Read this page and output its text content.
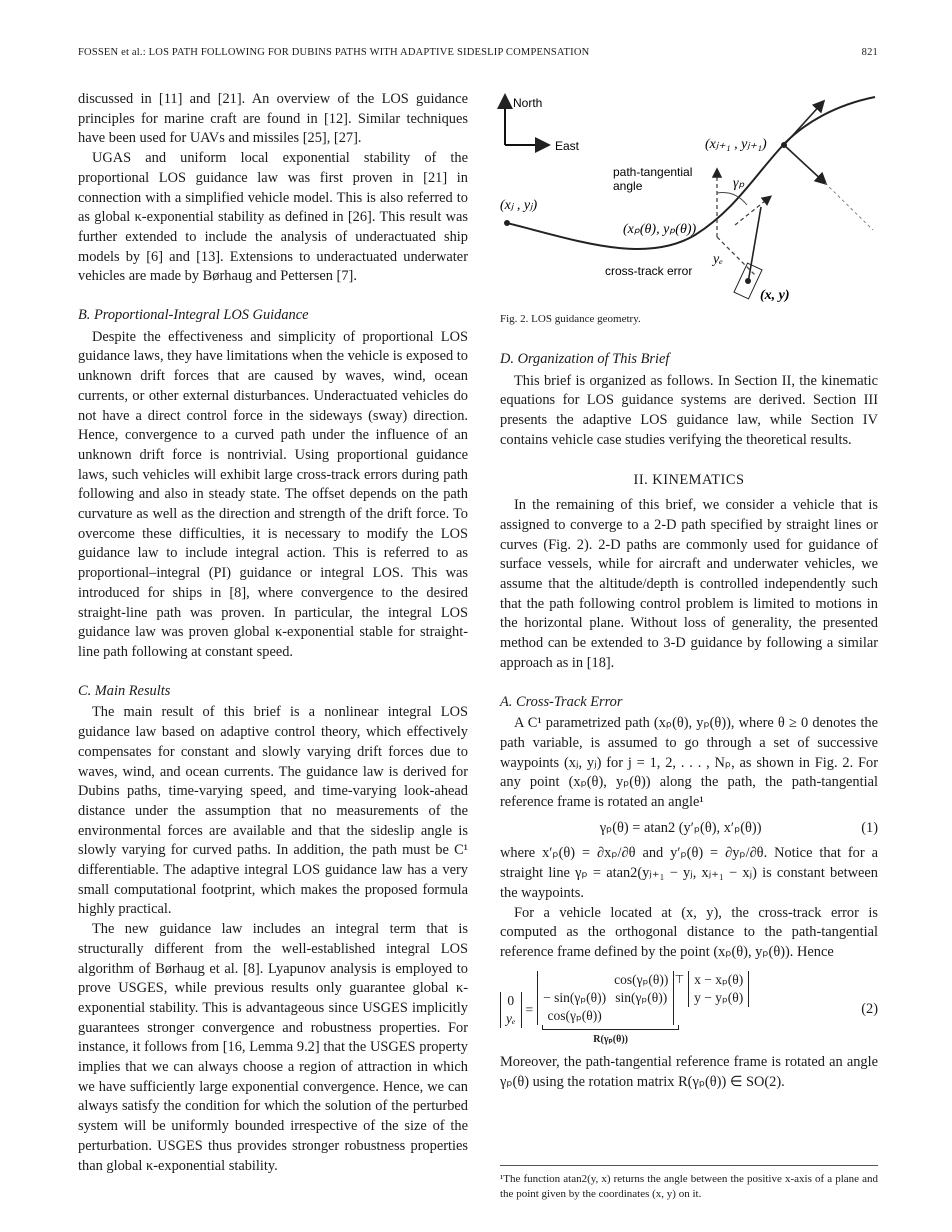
FOSSEN et al.: LOS PATH FOLLOWING FOR DUBINS PATHS WITH ADAPTIVE SIDESLIP COMPENSATION	821

discussed in [11] and [21]. An overview of the LOS guidance principles for marine craft are found in [12]. Similar techniques have been used for UAVs and missiles [25], [27].

UGAS and uniform local exponential stability of the proportional LOS guidance law was first proven in [21] in connection with a simplified vehicle model. This is also referred to as global κ-exponential stability as defined in [26]. This result was further extended to include the analysis of underactuated ship models by [6] and [13]. Extensions to underactuated underwater vehicles are made by Børhaug and Pettersen [7].

B. Proportional-Integral LOS Guidance

Despite the effectiveness and simplicity of proportional LOS guidance laws, they have limitations when the vehicle is exposed to unknown drift forces that are caused by waves, wind, ocean currents, or other external disturbances. Underactuated vehicles do not have a direct control force in the sideways (sway) direction. Hence, convergence to a curved path under the influence of an unknown drift force is nontrivial. Using proportional guidance laws, such vehicles will exhibit large cross-track errors during path following and also in steady state. The offset depends on the path curvature as well as the direction and strength of the drift force. To overcome these difficulties, it is necessary to modify the LOS guidance law to include integral action. This is referred to as proportional–integral (PI) guidance or integral LOS. This was introduced for ships in [8], where convergence to the desired straight-line path was proven. In particular, the integral LOS guidance law was proven global κ-exponential stable for straight-line path following at constant speed.

C. Main Results

The main result of this brief is a nonlinear integral LOS guidance law based on adaptive control theory, which effectively compensates for constant and slowly varying drift forces due to waves, wind, and ocean currents. The guidance law is derived for Dubins paths, time-varying speed, and time-varying look-ahead distance under the assumption that no measurements of the environmental forces are available and that the sideslip angle is slowly varying for curved paths. In addition, the path must be C¹ differentiable. The adaptive integral LOS guidance law has a very small computational footprint, which makes the proposed formula highly practical.

The new guidance law includes an integral term that is structurally different from the well-established integral LOS algorithm of Børhaug et al. [8]. Lyapunov analysis is employed to prove USGES, while previous results only guarantee global κ-exponential stability. This is advantageous since USGES implicitly guarantees stronger convergence and robustness properties. For instance, it follows from [16, Lemma 9.2] that the USGES property implies that we can always choose a region of attraction in which we have sufficiently large exponential convergence. Hence, we can always satisfy the condition for which the solution of the perturbed system will be uniformly bounded irrespective of the size of the perturbation. USGES thus provides stronger robustness properties than global κ-exponential stability.

North
East
path-tangential
angle
cross-track error
(xⱼ , yⱼ)
(xⱼ₊₁ , yⱼ₊₁)
(xₚ(θ), yₚ(θ))
γₚ
yₑ
(x, y)
Fig. 2. LOS guidance geometry.
D. Organization of This Brief

This brief is organized as follows. In Section II, the kinematic equations for LOS guidance systems are derived. Section III presents the adaptive LOS guidance law, while Section IV contains vehicle case studies verifying the theoretical results.

II. KINEMATICS

In the remaining of this brief, we consider a vehicle that is assigned to converge to a 2-D path specified by straight lines or curves (Fig. 2). 2-D paths are commonly used for guidance of surface vessels, while for aircraft and underwater vehicles, we assume that the altitude/depth is controlled independently such that the path following control problem is limited to motions in the horizontal plane. Without loss of generality, the presented method can be extended to 3-D guidance by following a similar approach as in [18].

A. Cross-Track Error

A C¹ parametrized path (xₚ(θ), yₚ(θ)), where θ ≥ 0 denotes the path variable, is assumed to go through a set of successive waypoints (xⱼ, yⱼ) for j = 1, 2, . . . , Nₚ, as shown in Fig. 2. For any point (xₚ(θ), yₚ(θ)) along the path, the path-tangential reference frame is rotated an angle¹

γₚ(θ) = atan2 (y′ₚ(θ), x′ₚ(θ))	(1)

where x′ₚ(θ) = ∂xₚ/∂θ and y′ₚ(θ) = ∂yₚ/∂θ. Notice that for a straight line γₚ = atan2(yⱼ₊₁ − yⱼ, xⱼ₊₁ − xⱼ) is constant between the waypoints.

For a vehicle located at (x, y), the cross-track error is computed as the orthogonal distance to the path-tangential reference frame defined by the point (xₚ(θ), yₚ(θ)). Hence

0
yₑ
=
cos(γₚ(θ))
− sin(γₚ(θ)) sin(γₚ(θ))
cos(γₚ(θ))
⊤
R(γₚ(θ))
x − xₚ(θ)
y − yₚ(θ)
(2)

Moreover, the path-tangential reference frame is rotated an angle γₚ(θ) using the rotation matrix R(γₚ(θ)) ∈ SO(2).

¹The function atan2(y, x) returns the angle between the positive x-axis of a plane and the point given by the coordinates (x, y) on it.
